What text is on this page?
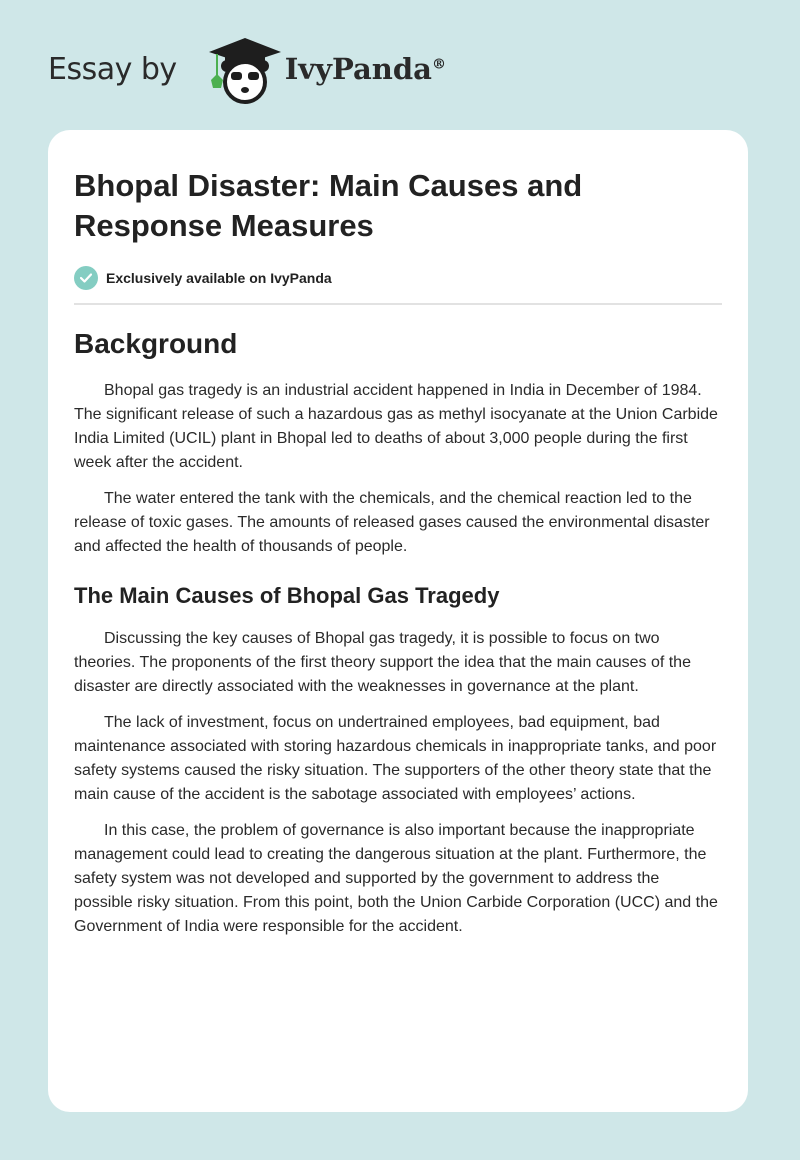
Essay by	IvyPanda®
Bhopal Disaster: Main Causes and Response Measures
Exclusively available on IvyPanda
Background

Bhopal gas tragedy is an industrial accident happened in India in December of 1984. The significant release of such a hazardous gas as methyl isocyanate at the Union Carbide India Limited (UCIL) plant in Bhopal led to deaths of about 3,000 people during the first week after the accident.

The water entered the tank with the chemicals, and the chemical reaction led to the release of toxic gases. The amounts of released gases caused the environmental disaster and affected the health of thousands of people.

The Main Causes of Bhopal Gas Tragedy

Discussing the key causes of Bhopal gas tragedy, it is possible to focus on two theories. The proponents of the first theory support the idea that the main causes of the disaster are directly associated with the weaknesses in governance at the plant.

The lack of investment, focus on undertrained employees, bad equipment, bad maintenance associated with storing hazardous chemicals in inappropriate tanks, and poor safety systems caused the risky situation. The supporters of the other theory state that the main cause of the accident is the sabotage associated with employees’ actions.

In this case, the problem of governance is also important because the inappropriate management could lead to creating the dangerous situation at the plant. Furthermore, the safety system was not developed and supported by the government to address the possible risky situation. From this point, both the Union Carbide Corporation (UCC) and the Government of India were responsible for the accident.
